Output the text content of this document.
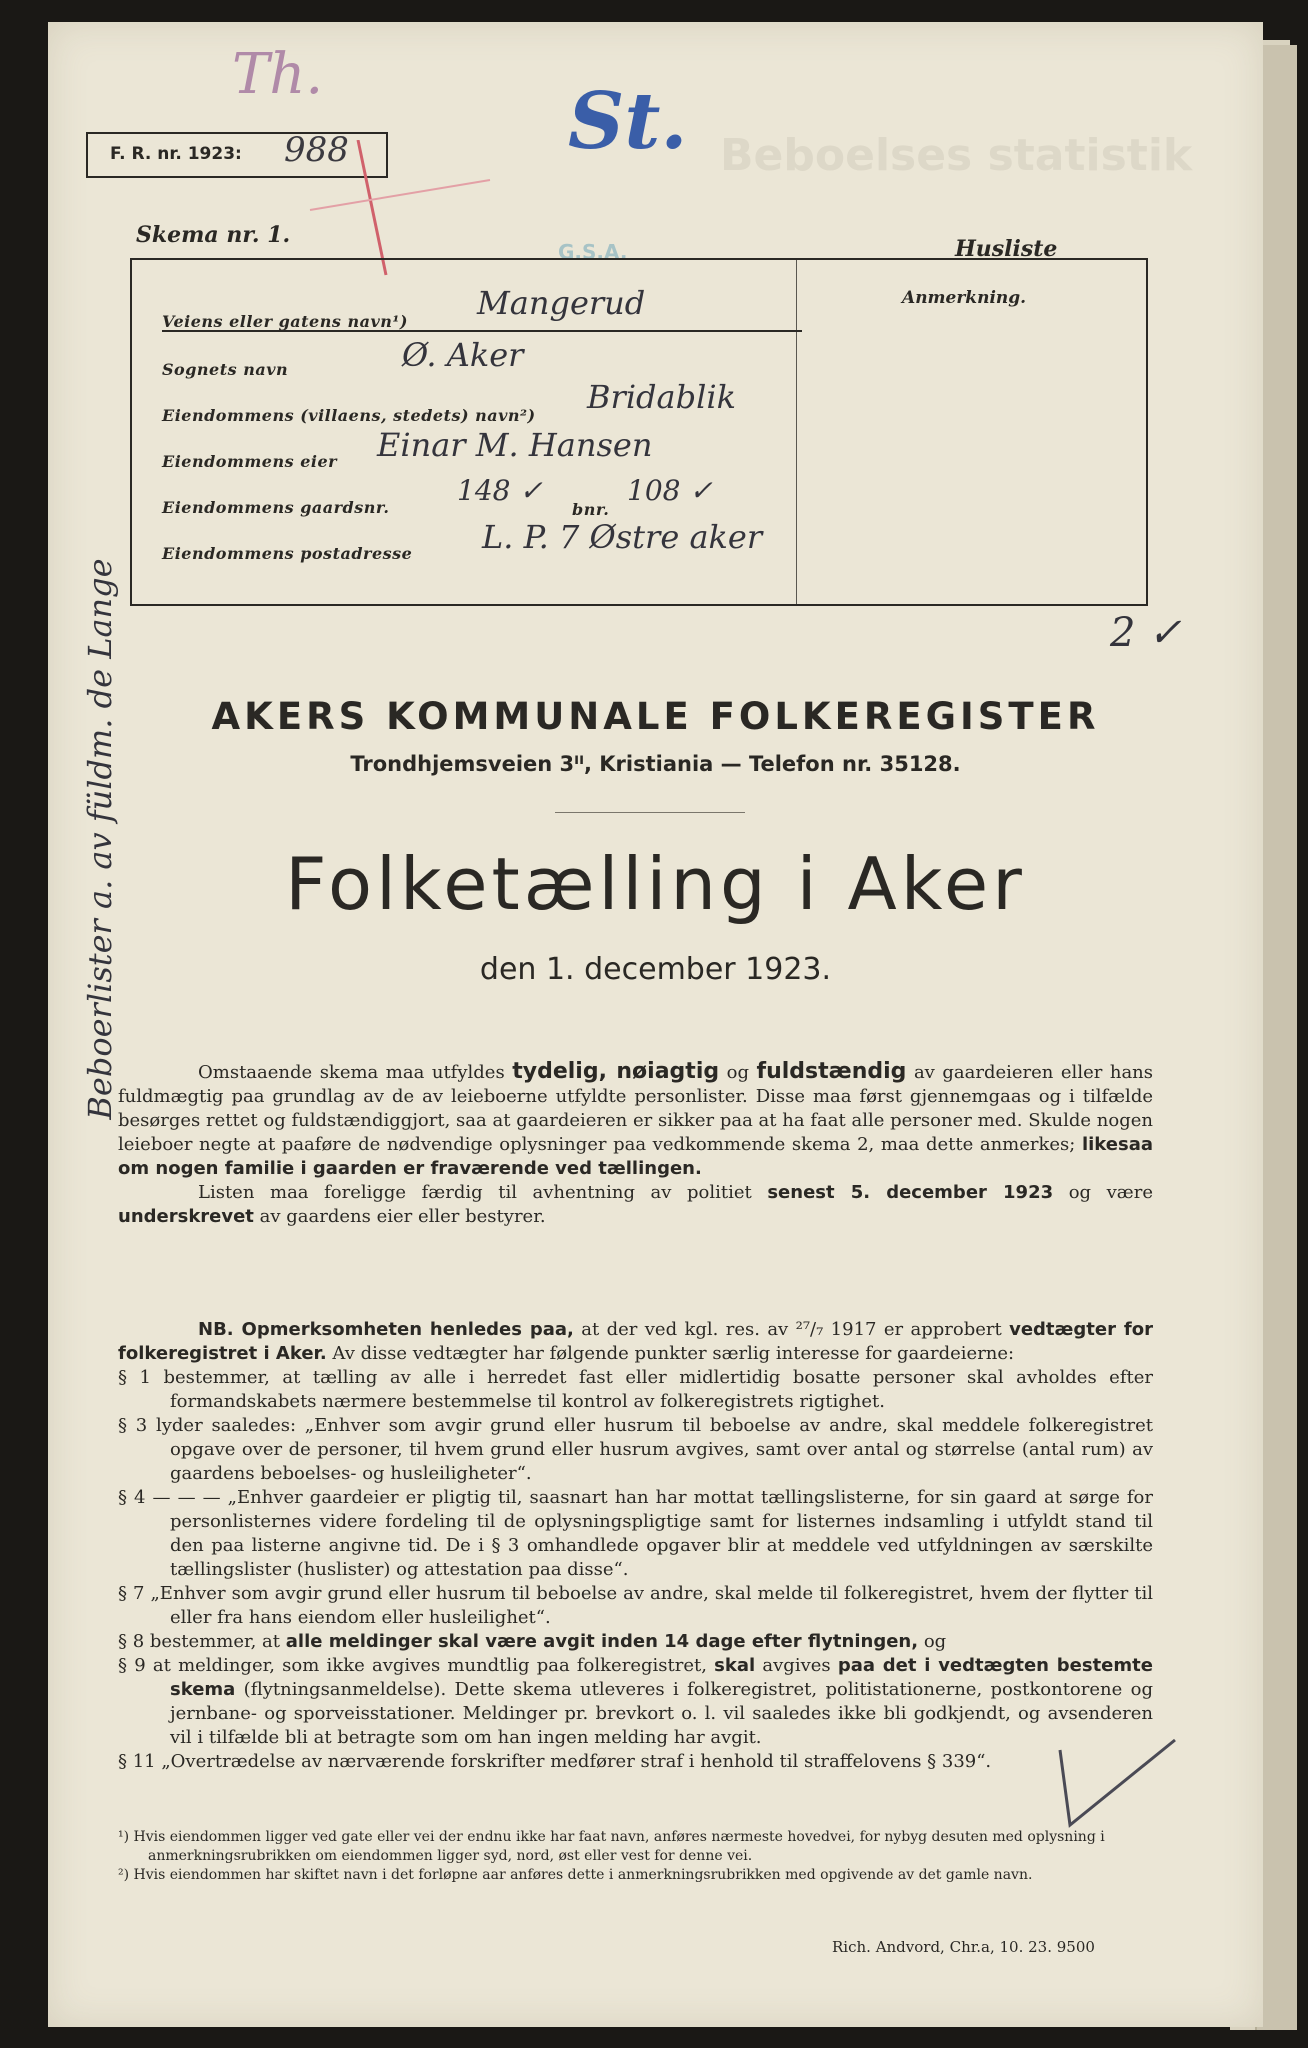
Beboelses statistik
Th.
St.
F. R. nr. 1923: 988
G.S.A.
Skema nr. 1.
Husliste
Anmerkning.
Veiens eller gatens navn¹) Mangerud
Sognets navn	Ø. Aker
Eiendommens (villaens, stedets) navn²) Bridablik
Eiendommens eier Einar M. Hansen
Eiendommens gaardsnr.
148 ✓
bnr.
108 ✓
Eiendommens postadresse L. P. 7 Østre aker
2 ✓
Beboerlister a. av füldm. de Lange	AKERS KOMMUNALE FOLKEREGISTER
Trondhjemsveien 3ᴵᴵ, Kristiania — Telefon nr. 35128.
Folketælling i Aker
den 1. december 1923.

Omstaaende skema maa utfyldes tydelig, nøiagtig og fuldstændig av gaardeieren eller hans fuldmægtig paa grundlag av de av leieboerne utfyldte personlister. Disse maa først gjennemgaas og i tilfælde besørges rettet og fuldstændiggjort, saa at gaardeieren er sikker paa at ha faat alle personer med. Skulde nogen leieboer negte at paaføre de nødvendige oplysninger paa vedkommende skema 2, maa dette anmerkes; likesaa om nogen familie i gaarden er fraværende ved tællingen.

Listen maa foreligge færdig til avhentning av politiet senest 5. december 1923 og være underskrevet av gaardens eier eller bestyrer.

NB. Opmerksomheten henledes paa, at der ved kgl. res. av ²⁷/₇ 1917 er approbert vedtægter for folkeregistret i Aker. Av disse vedtægter har følgende punkter særlig interesse for gaardeierne:
§ 1 bestemmer, at tælling av alle i herredet fast eller midlertidig bosatte personer skal avholdes efter formandskabets nærmere bestemmelse til kontrol av folkeregistrets rigtighet.
§ 3 lyder saaledes: „Enhver som avgir grund eller husrum til beboelse av andre, skal meddele folkeregistret opgave over de personer, til hvem grund eller husrum avgives, samt over antal og størrelse (antal rum) av gaardens beboelses- og husleiligheter“.
§ 4 — — — „Enhver gaardeier er pligtig til, saasnart han har mottat tællingslisterne, for sin gaard at sørge for personlisternes videre fordeling til de oplysningspligtige samt for listernes indsamling i utfyldt stand til den paa listerne angivne tid. De i § 3 omhandlede opgaver blir at meddele ved utfyldningen av særskilte tællingslister (huslister) og attestation paa disse“.
§ 7 „Enhver som avgir grund eller husrum til beboelse av andre, skal melde til folkeregistret, hvem der flytter til eller fra hans eiendom eller husleilighet“.
§ 8 bestemmer, at alle meldinger skal være avgit inden 14 dage efter flytningen, og
§ 9 at meldinger, som ikke avgives mundtlig paa folkeregistret, skal avgives paa det i vedtægten bestemte skema (flytningsanmeldelse). Dette skema utleveres i folkeregistret, politistationerne, postkontorene og jernbane- og sporveisstationer. Meldinger pr. brevkort o. l. vil saaledes ikke bli godkjendt, og avsenderen vil i tilfælde bli at betragte som om han ingen melding har avgit.
§ 11 „Overtrædelse av nærværende forskrifter medfører straf i henhold til straffelovens § 339“.
¹) Hvis eiendommen ligger ved gate eller vei der endnu ikke har faat navn, anføres nærmeste hovedvei, for nybyg desuten med oplysning i anmerkningsrubrikken om eiendommen ligger syd, nord, øst eller vest for denne vei.
²) Hvis eiendommen har skiftet navn i det forløpne aar anføres dette i anmerkningsrubrikken med opgivende av det gamle navn.
Rich. Andvord, Chr.a, 10. 23. 9500
